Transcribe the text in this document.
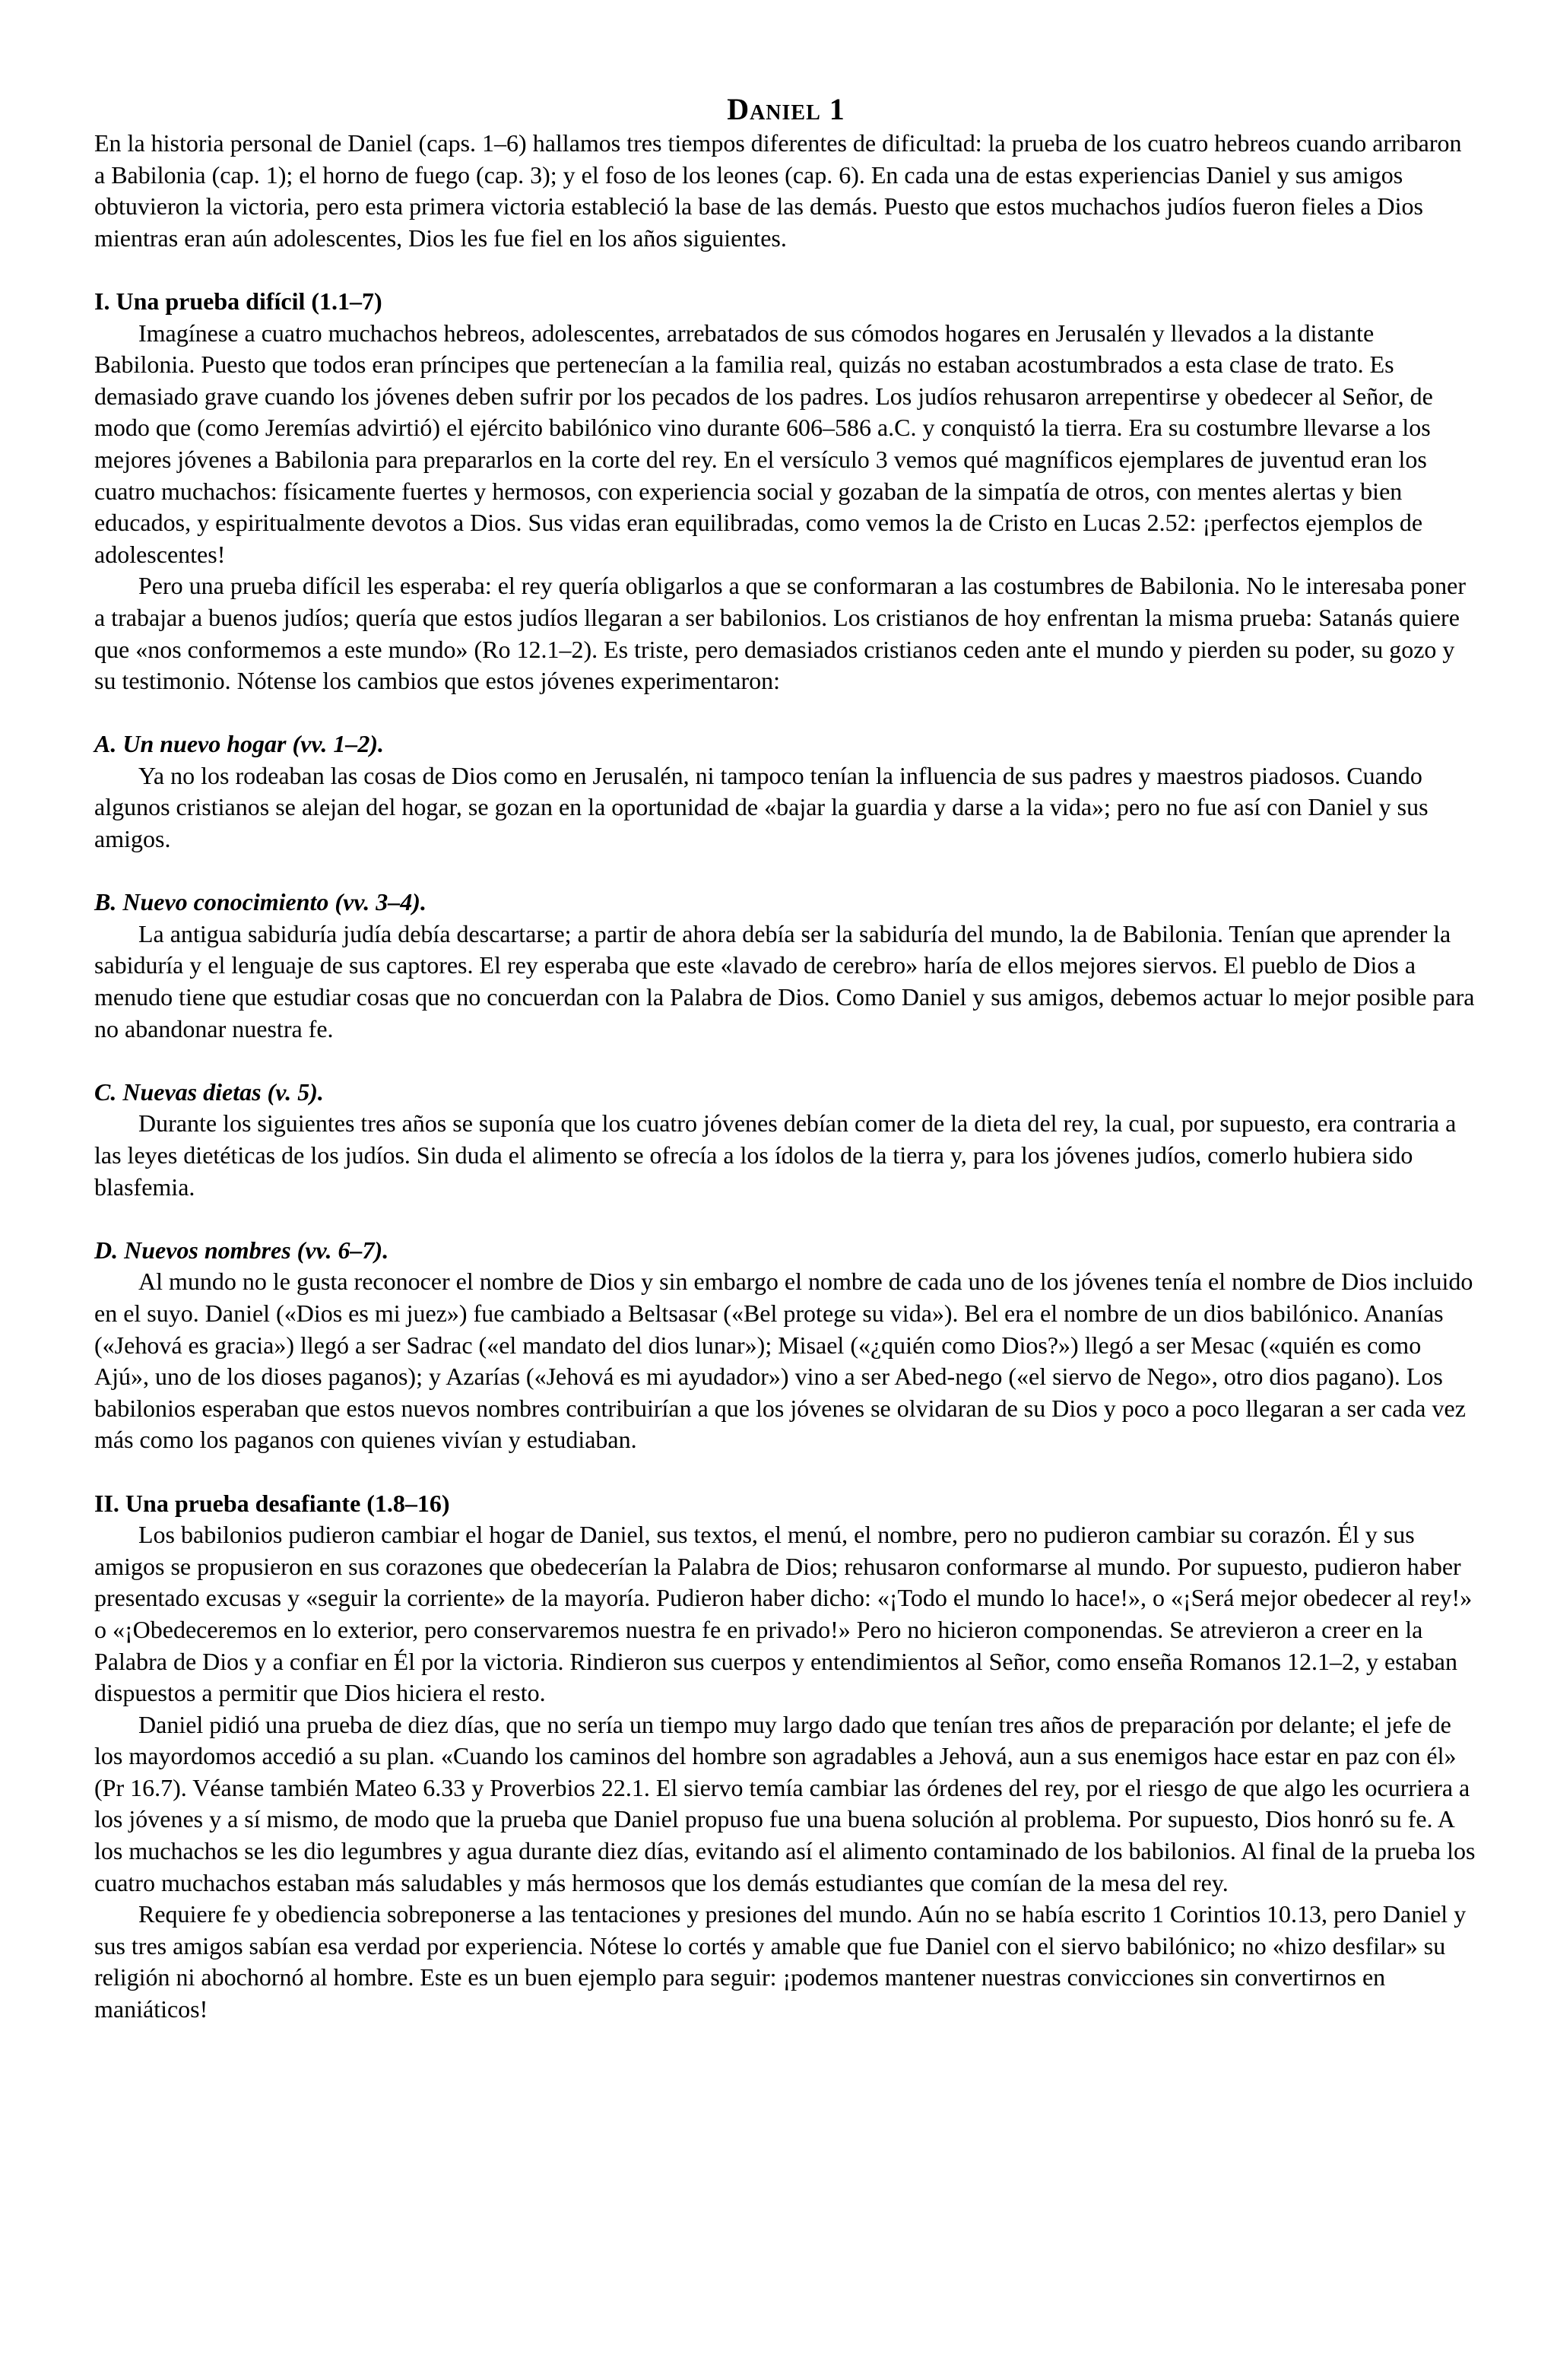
Daniel 1

En la historia personal de Daniel (caps. 1–6) hallamos tres tiempos diferentes de dificultad: la prueba de los cuatro hebreos cuando arribaron a Babilonia (cap. 1); el horno de fuego (cap. 3); y el foso de los leones (cap. 6). En cada una de estas experiencias Daniel y sus amigos obtuvieron la victoria, pero esta primera victoria estableció la base de las demás. Puesto que estos muchachos judíos fueron fieles a Dios mientras eran aún adolescentes, Dios les fue fiel en los años siguientes.

I. Una prueba difícil (1.1–7)

Imagínese a cuatro muchachos hebreos, adolescentes, arrebatados de sus cómodos hogares en Jerusalén y llevados a la distante Babilonia. Puesto que todos eran príncipes que pertenecían a la familia real, quizás no estaban acostumbrados a esta clase de trato. Es demasiado grave cuando los jóvenes deben sufrir por los pecados de los padres. Los judíos rehusaron arrepentirse y obedecer al Señor, de modo que (como Jeremías advirtió) el ejército babilónico vino durante 606–586 a.C. y conquistó la tierra. Era su costumbre llevarse a los mejores jóvenes a Babilonia para prepararlos en la corte del rey. En el versículo 3 vemos qué magníficos ejemplares de juventud eran los cuatro muchachos: físicamente fuertes y hermosos, con experiencia social y gozaban de la simpatía de otros, con mentes alertas y bien educados, y espiritualmente devotos a Dios. Sus vidas eran equilibradas, como vemos la de Cristo en Lucas 2.52: ¡perfectos ejemplos de adolescentes!

Pero una prueba difícil les esperaba: el rey quería obligarlos a que se conformaran a las costumbres de Babilonia. No le interesaba poner a trabajar a buenos judíos; quería que estos judíos llegaran a ser babilonios. Los cristianos de hoy enfrentan la misma prueba: Satanás quiere que «nos conformemos a este mundo» (Ro 12.1–2). Es triste, pero demasiados cristianos ceden ante el mundo y pierden su poder, su gozo y su testimonio. Nótense los cambios que estos jóvenes experimentaron:

A. Un nuevo hogar (vv. 1–2).

Ya no los rodeaban las cosas de Dios como en Jerusalén, ni tampoco tenían la influencia de sus padres y maestros piadosos. Cuando algunos cristianos se alejan del hogar, se gozan en la oportunidad de «bajar la guardia y darse a la vida»; pero no fue así con Daniel y sus amigos.

B. Nuevo conocimiento (vv. 3–4).

La antigua sabiduría judía debía descartarse; a partir de ahora debía ser la sabiduría del mundo, la de Babilonia. Tenían que aprender la sabiduría y el lenguaje de sus captores. El rey esperaba que este «lavado de cerebro» haría de ellos mejores siervos. El pueblo de Dios a menudo tiene que estudiar cosas que no concuerdan con la Palabra de Dios. Como Daniel y sus amigos, debemos actuar lo mejor posible para no abandonar nuestra fe.

C. Nuevas dietas (v. 5).

Durante los siguientes tres años se suponía que los cuatro jóvenes debían comer de la dieta del rey, la cual, por supuesto, era contraria a las leyes dietéticas de los judíos. Sin duda el alimento se ofrecía a los ídolos de la tierra y, para los jóvenes judíos, comerlo hubiera sido blasfemia.

D. Nuevos nombres (vv. 6–7).

Al mundo no le gusta reconocer el nombre de Dios y sin embargo el nombre de cada uno de los jóvenes tenía el nombre de Dios incluido en el suyo. Daniel («Dios es mi juez») fue cambiado a Beltsasar («Bel protege su vida»). Bel era el nombre de un dios babilónico. Ananías («Jehová es gracia») llegó a ser Sadrac («el mandato del dios lunar»); Misael («¿quién como Dios?») llegó a ser Mesac («quién es como Ajú», uno de los dioses paganos); y Azarías («Jehová es mi ayudador») vino a ser Abed-nego («el siervo de Nego», otro dios pagano). Los babilonios esperaban que estos nuevos nombres contribuirían a que los jóvenes se olvidaran de su Dios y poco a poco llegaran a ser cada vez más como los paganos con quienes vivían y estudiaban.

II. Una prueba desafiante (1.8–16)

Los babilonios pudieron cambiar el hogar de Daniel, sus textos, el menú, el nombre, pero no pudieron cambiar su corazón. Él y sus amigos se propusieron en sus corazones que obedecerían la Palabra de Dios; rehusaron conformarse al mundo. Por supuesto, pudieron haber presentado excusas y «seguir la corriente» de la mayoría. Pudieron haber dicho: «¡Todo el mundo lo hace!», o «¡Será mejor obedecer al rey!» o «¡Obedeceremos en lo exterior, pero conservaremos nuestra fe en privado!» Pero no hicieron componendas. Se atrevieron a creer en la Palabra de Dios y a confiar en Él por la victoria. Rindieron sus cuerpos y entendimientos al Señor, como enseña Romanos 12.1–2, y estaban dispuestos a permitir que Dios hiciera el resto.

Daniel pidió una prueba de diez días, que no sería un tiempo muy largo dado que tenían tres años de preparación por delante; el jefe de los mayordomos accedió a su plan. «Cuando los caminos del hombre son agradables a Jehová, aun a sus enemigos hace estar en paz con él» (Pr 16.7). Véanse también Mateo 6.33 y Proverbios 22.1. El siervo temía cambiar las órdenes del rey, por el riesgo de que algo les ocurriera a los jóvenes y a sí mismo, de modo que la prueba que Daniel propuso fue una buena solución al problema. Por supuesto, Dios honró su fe. A los muchachos se les dio legumbres y agua durante diez días, evitando así el alimento contaminado de los babilonios. Al final de la prueba los cuatro muchachos estaban más saludables y más hermosos que los demás estudiantes que comían de la mesa del rey.

Requiere fe y obediencia sobreponerse a las tentaciones y presiones del mundo. Aún no se había escrito 1 Corintios 10.13, pero Daniel y sus tres amigos sabían esa verdad por experiencia. Nótese lo cortés y amable que fue Daniel con el siervo babilónico; no «hizo desfilar» su religión ni abochornó al hombre. Este es un buen ejemplo para seguir: ¡podemos mantener nuestras convicciones sin convertirnos en maniáticos!
